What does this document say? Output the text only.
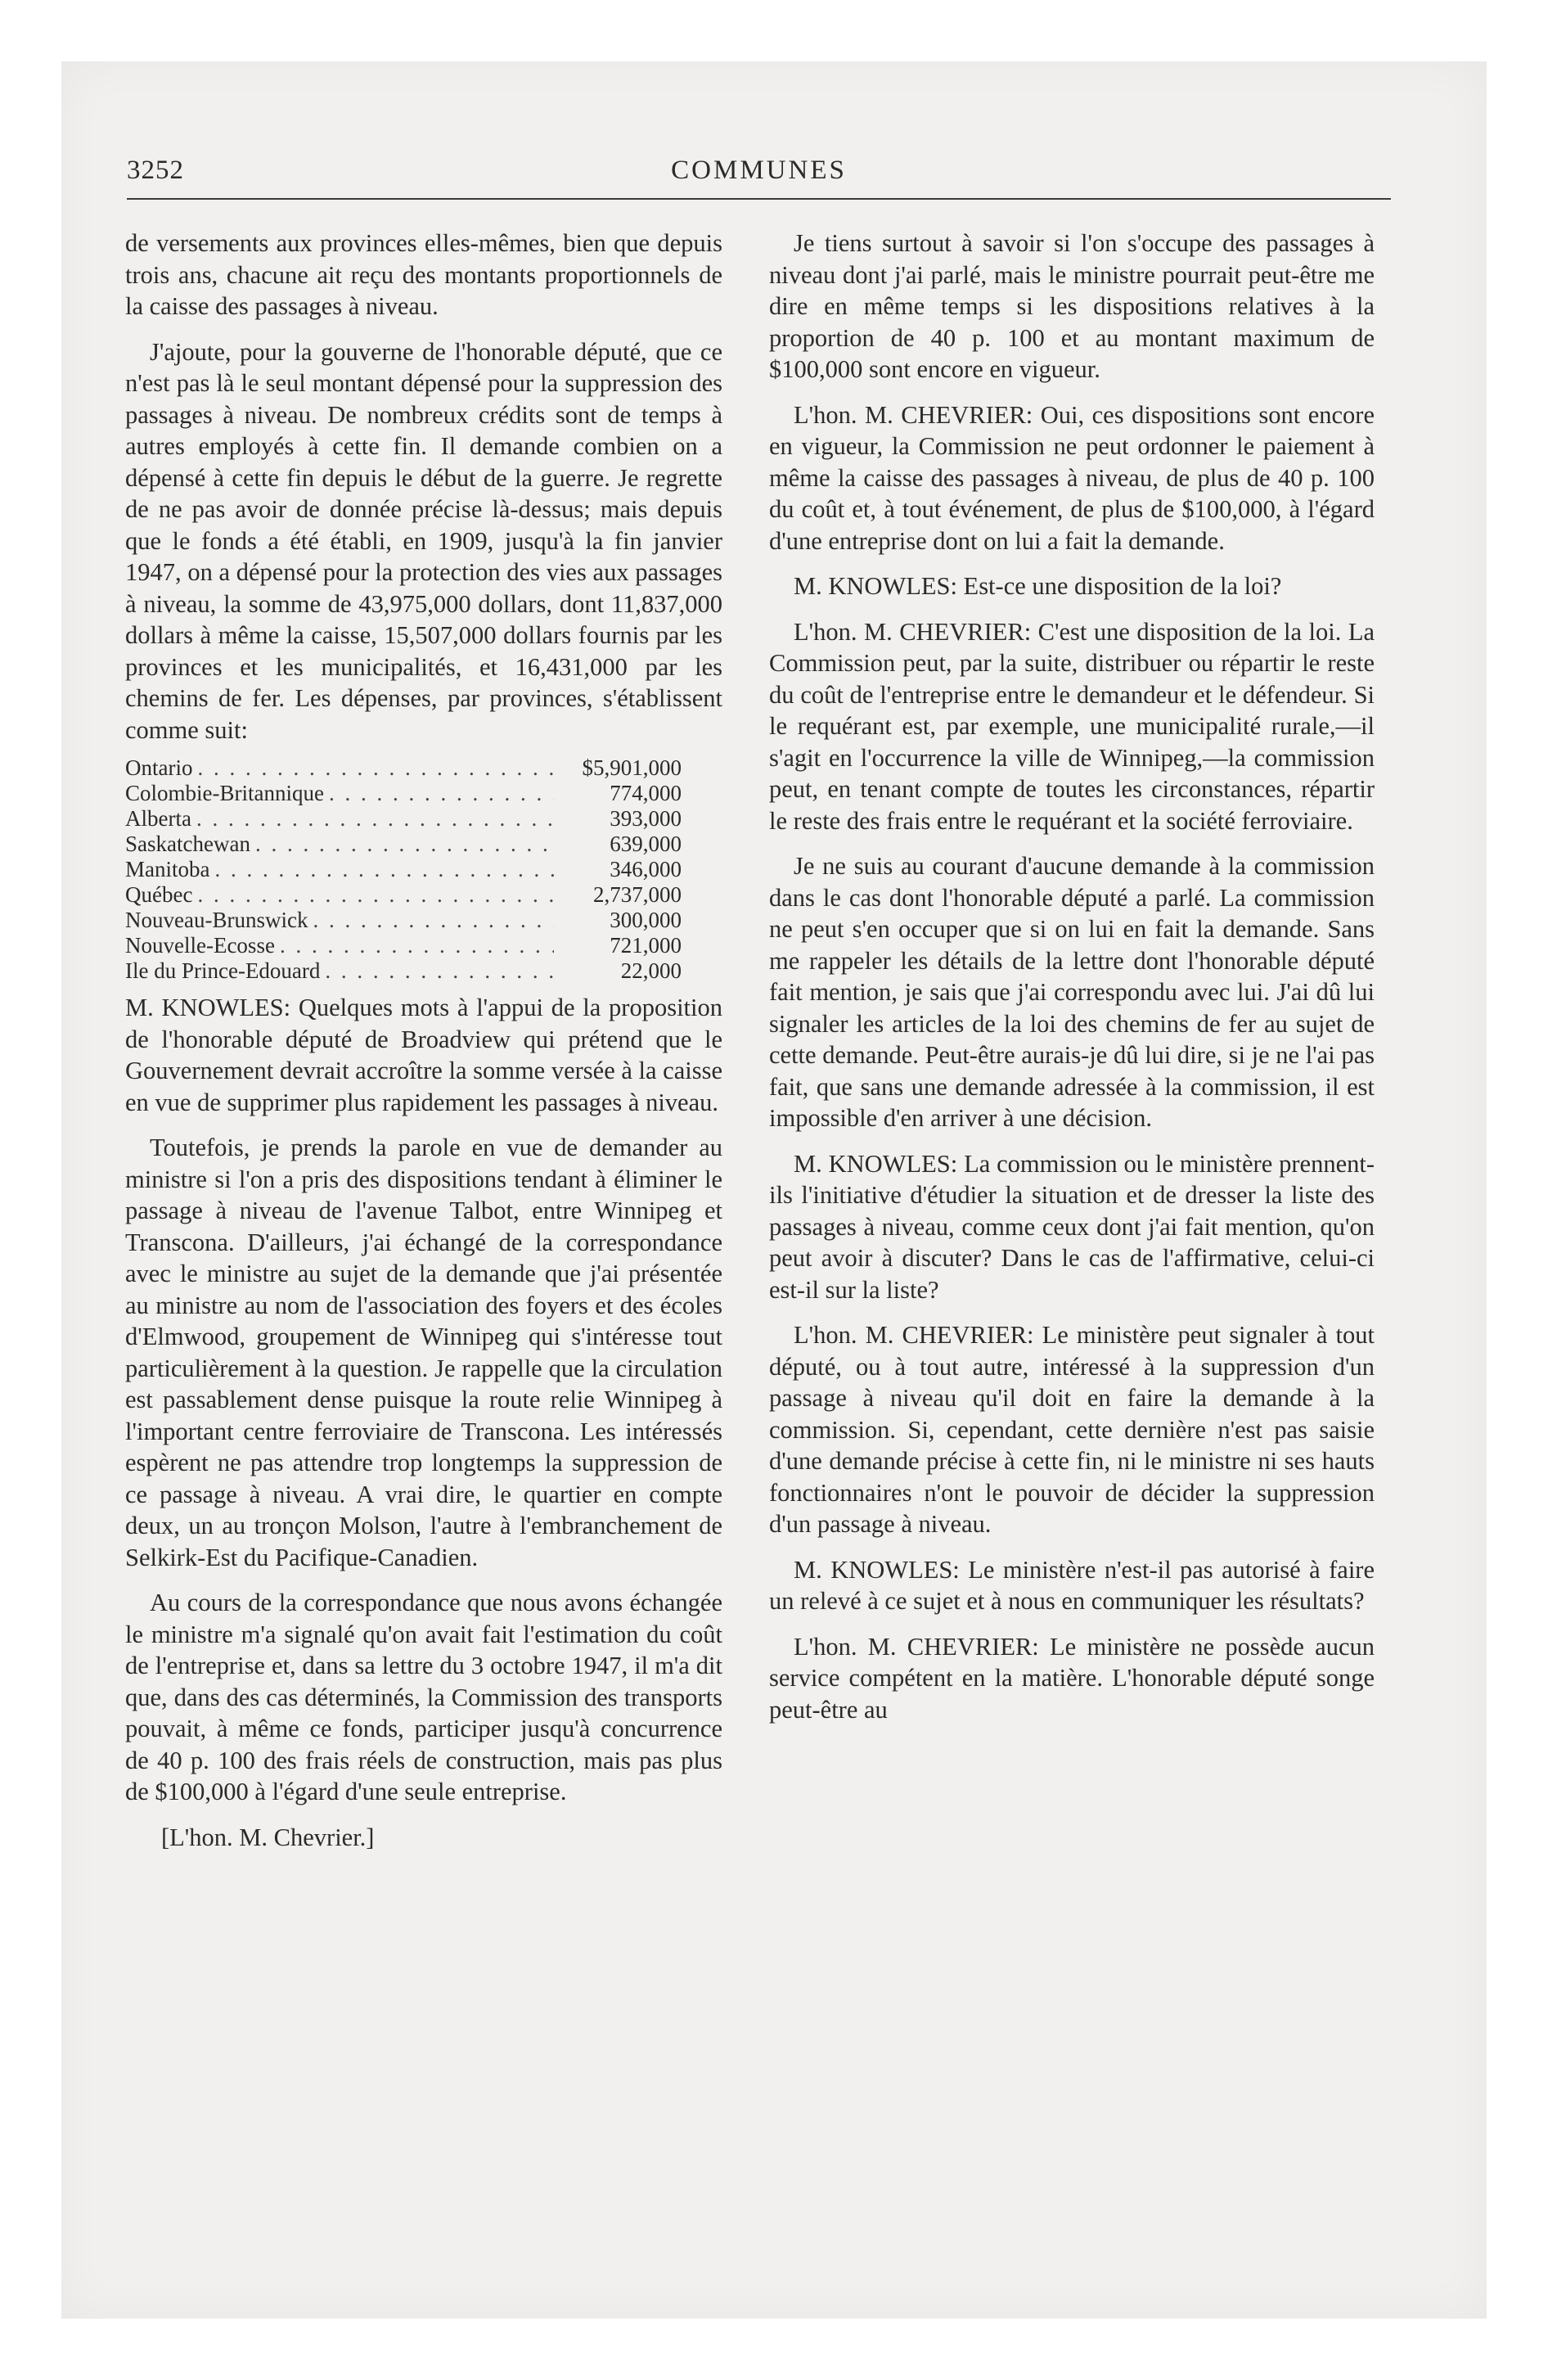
3252	COMMUNES

de versements aux provinces elles-mêmes, bien que depuis trois ans, chacune ait reçu des montants proportionnels de la caisse des passages à niveau.

J'ajoute, pour la gouverne de l'honorable député, que ce n'est pas là le seul montant dépensé pour la suppression des passages à niveau. De nombreux crédits sont de temps à autres employés à cette fin. Il demande combien on a dépensé à cette fin depuis le début de la guerre. Je regrette de ne pas avoir de donnée précise là-dessus; mais depuis que le fonds a été établi, en 1909, jusqu'à la fin janvier 1947, on a dépensé pour la protection des vies aux passages à niveau, la somme de 43,975,000 dollars, dont 11,837,000 dollars à même la caisse, 15,507,000 dollars fournis par les provinces et les municipalités, et 16,431,000 par les chemins de fer. Les dépenses, par provinces, s'établissent comme suit:

Ontario . . .	$5,901,000
Colombie-Britannique . . .	774,000
Alberta . . .	393,000
Saskatchewan . . .	639,000
Manitoba . . .	346,000
Québec . . .	2,737,000
Nouveau-Brunswick . . .	300,000
Nouvelle-Ecosse . . .	721,000
Ile du Prince-Edouard . . .	22,000

M. KNOWLES: Quelques mots à l'appui de la proposition de l'honorable député de Broadview qui prétend que le Gouvernement devrait accroître la somme versée à la caisse en vue de supprimer plus rapidement les passages à niveau.

Toutefois, je prends la parole en vue de demander au ministre si l'on a pris des dispositions tendant à éliminer le passage à niveau de l'avenue Talbot, entre Winnipeg et Transcona. D'ailleurs, j'ai échangé de la correspondance avec le ministre au sujet de la demande que j'ai présentée au ministre au nom de l'association des foyers et des écoles d'Elmwood, groupement de Winnipeg qui s'intéresse tout particulièrement à la question. Je rappelle que la circulation est passablement dense puisque la route relie Winnipeg à l'important centre ferroviaire de Transcona. Les intéressés espèrent ne pas attendre trop longtemps la suppression de ce passage à niveau. A vrai dire, le quartier en compte deux, un au tronçon Molson, l'autre à l'embranchement de Selkirk-Est du Pacifique-Canadien.

Au cours de la correspondance que nous avons échangée le ministre m'a signalé qu'on avait fait l'estimation du coût de l'entreprise et, dans sa lettre du 3 octobre 1947, il m'a dit que, dans des cas déterminés, la Commission des transports pouvait, à même ce fonds, participer jusqu'à concurrence de 40 p. 100 des frais réels de construction, mais pas plus de $100,000 à l'égard d'une seule entreprise.

[L'hon. M. Chevrier.]

Je tiens surtout à savoir si l'on s'occupe des passages à niveau dont j'ai parlé, mais le ministre pourrait peut-être me dire en même temps si les dispositions relatives à la proportion de 40 p. 100 et au montant maximum de $100,000 sont encore en vigueur.

L'hon. M. CHEVRIER: Oui, ces dispositions sont encore en vigueur, la Commission ne peut ordonner le paiement à même la caisse des passages à niveau, de plus de 40 p. 100 du coût et, à tout événement, de plus de $100,000, à l'égard d'une entreprise dont on lui a fait la demande.

M. KNOWLES: Est-ce une disposition de la loi?

L'hon. M. CHEVRIER: C'est une disposition de la loi. La Commission peut, par la suite, distribuer ou répartir le reste du coût de l'entreprise entre le demandeur et le défendeur. Si le requérant est, par exemple, une municipalité rurale,—il s'agit en l'occurrence la ville de Winnipeg,—la commission peut, en tenant compte de toutes les circonstances, répartir le reste des frais entre le requérant et la société ferroviaire.

Je ne suis au courant d'aucune demande à la commission dans le cas dont l'honorable député a parlé. La commission ne peut s'en occuper que si on lui en fait la demande. Sans me rappeler les détails de la lettre dont l'honorable député fait mention, je sais que j'ai correspondu avec lui. J'ai dû lui signaler les articles de la loi des chemins de fer au sujet de cette demande. Peut-être aurais-je dû lui dire, si je ne l'ai pas fait, que sans une demande adressée à la commission, il est impossible d'en arriver à une décision.

M. KNOWLES: La commission ou le ministère prennent-ils l'initiative d'étudier la situation et de dresser la liste des passages à niveau, comme ceux dont j'ai fait mention, qu'on peut avoir à discuter? Dans le cas de l'affirmative, celui-ci est-il sur la liste?

L'hon. M. CHEVRIER: Le ministère peut signaler à tout député, ou à tout autre, intéressé à la suppression d'un passage à niveau qu'il doit en faire la demande à la commission. Si, cependant, cette dernière n'est pas saisie d'une demande précise à cette fin, ni le ministre ni ses hauts fonctionnaires n'ont le pouvoir de décider la suppression d'un passage à niveau.

M. KNOWLES: Le ministère n'est-il pas autorisé à faire un relevé à ce sujet et à nous en communiquer les résultats?

L'hon. M. CHEVRIER: Le ministère ne possède aucun service compétent en la matière. L'honorable député songe peut-être au
